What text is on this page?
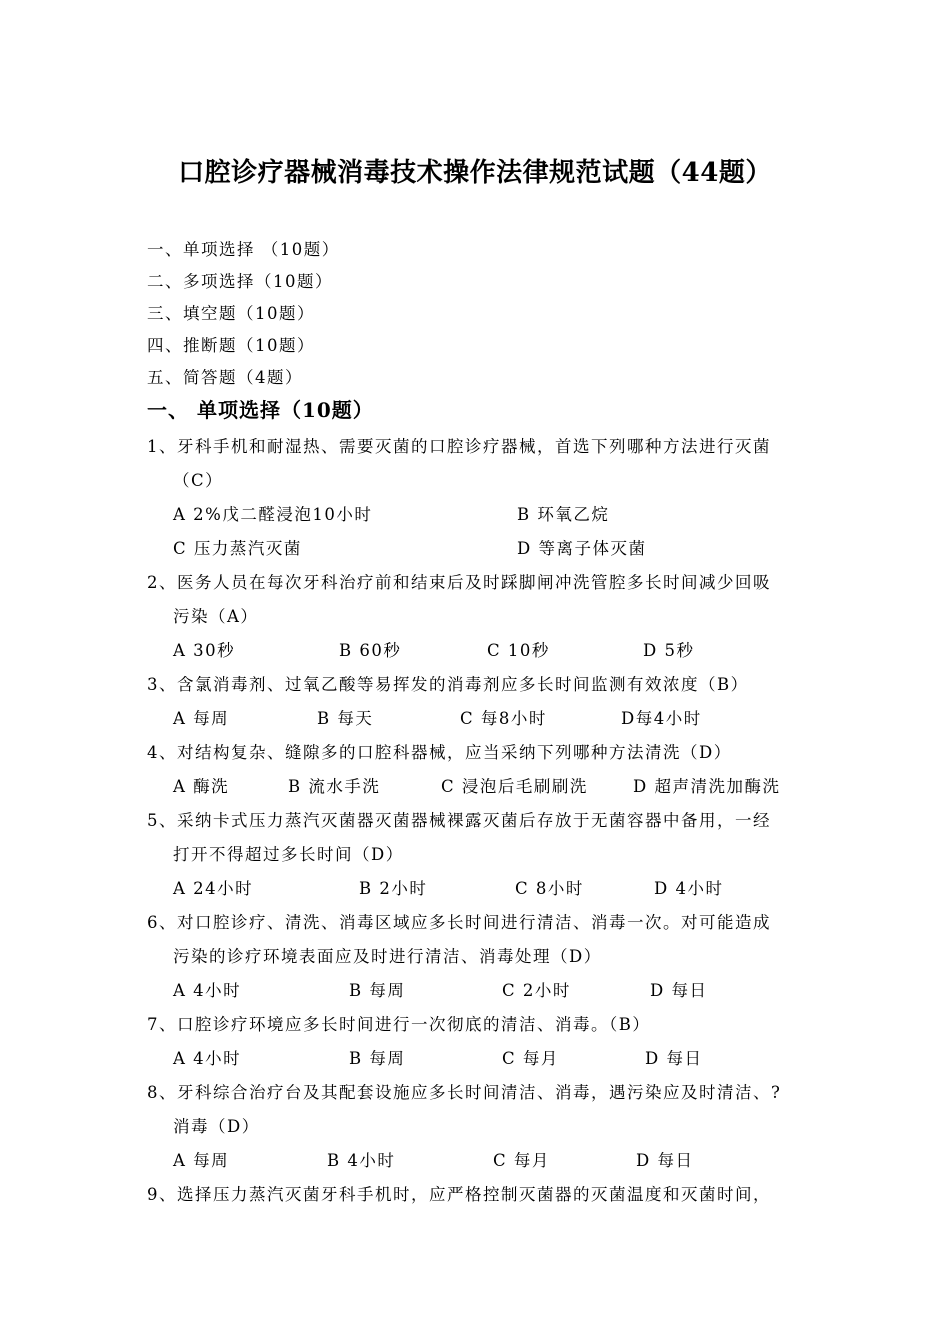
口腔诊疗器械消毒技术操作法律规范试题（44题）
一、单项选择 （10题）
二、多项选择（10题）
三、填空题（10题）
四、推断题（10题）
五、简答题（4题）
一、 单项选择（10题）
1、牙科手机和耐湿热、需要灭菌的口腔诊疗器械，首选下列哪种方法进行灭菌
（C）
A 2%戊二醛浸泡10小时	B 环氧乙烷
C 压力蒸汽灭菌	D 等离子体灭菌
2、医务人员在每次牙科治疗前和结束后及时踩脚闸冲洗管腔多长时间减少回吸
污染（A）
A 30秒	B 60秒	C 10秒	D 5秒
3、含氯消毒剂、过氧乙酸等易挥发的消毒剂应多长时间监测有效浓度（B）
A 每周	B 每天	C 每8小时	D每4小时
4、对结构复杂、缝隙多的口腔科器械，应当采纳下列哪种方法清洗（D）
A 酶洗	B 流水手洗	C 浸泡后毛刷刷洗	D 超声清洗加酶洗
5、采纳卡式压力蒸汽灭菌器灭菌器械裸露灭菌后存放于无菌容器中备用，一经
打开不得超过多长时间（D）
A 24小时	B 2小时	C 8小时	D 4小时
6、对口腔诊疗、清洗、消毒区域应多长时间进行清洁、消毒一次。对可能造成
污染的诊疗环境表面应及时进行清洁、消毒处理（D）
A 4小时	B 每周	C 2小时	D 每日
7、口腔诊疗环境应多长时间进行一次彻底的清洁、消毒。（B）
A 4小时	B 每周	C 每月	D 每日
8、牙科综合治疗台及其配套设施应多长时间清洁、消毒，遇污染应及时清洁、?
消毒（D）
A 每周	B 4小时	C 每月	D 每日
9、选择压力蒸汽灭菌牙科手机时，应严格控制灭菌器的灭菌温度和灭菌时间，
